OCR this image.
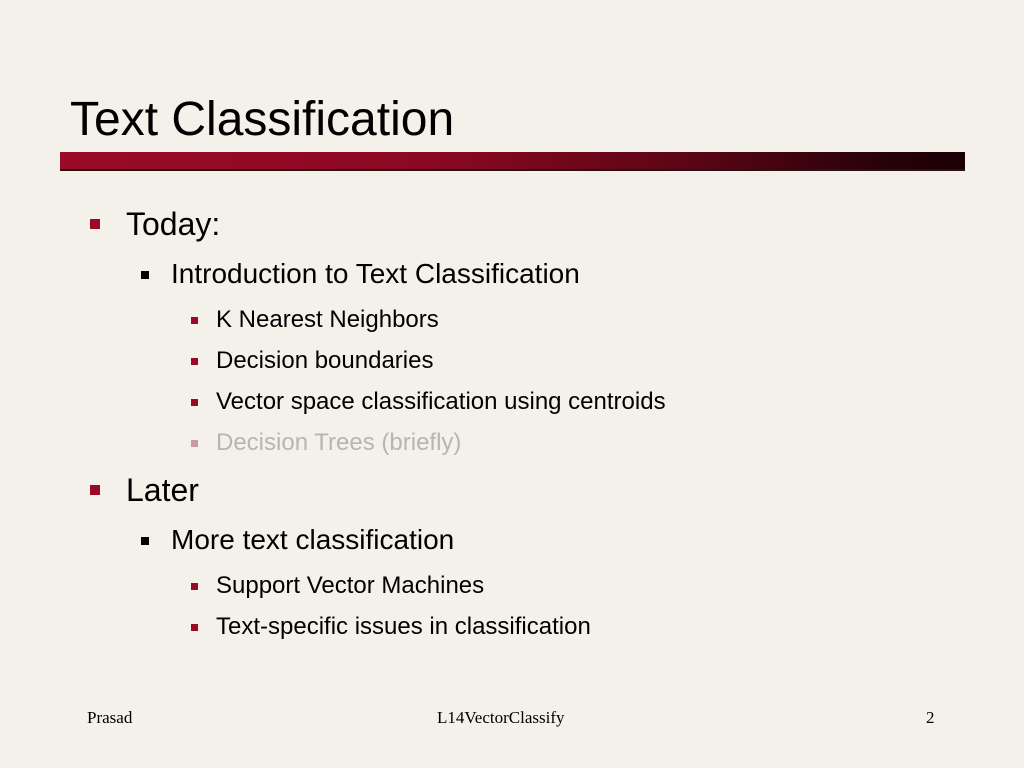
Text Classification
Today:
Introduction to Text Classification
K Nearest Neighbors
Decision boundaries
Vector space classification using centroids
Decision Trees (briefly)
Later
More text classification
Support Vector Machines
Text-specific issues in classification
Prasad	L14VectorClassify	2
